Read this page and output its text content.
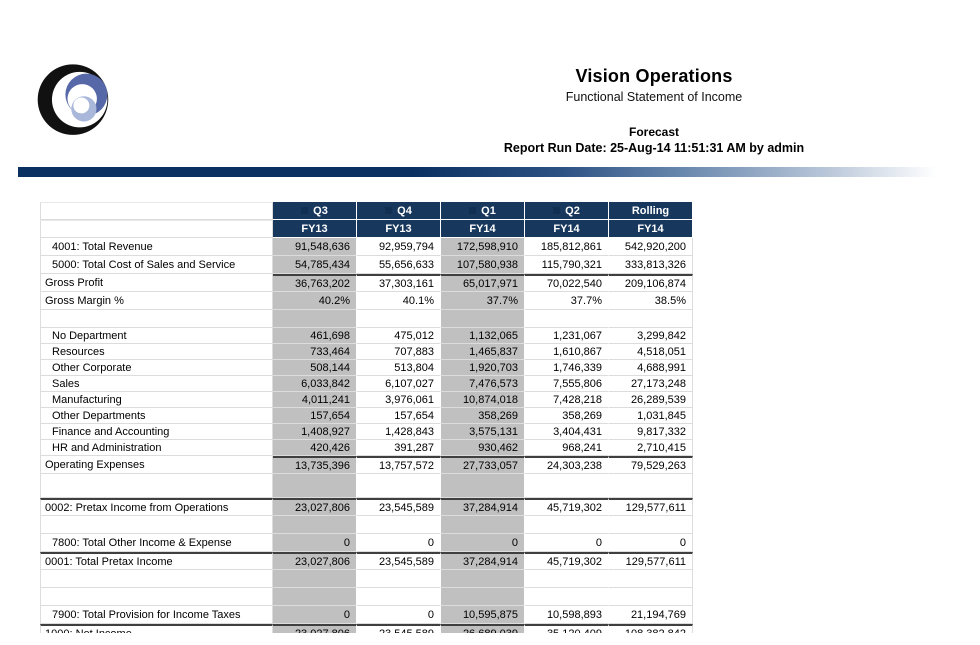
Vision Operations
Functional Statement of Income
Forecast
Report Run Date: 25-Aug-14 11:51:31 AM by admin
Q3	Q4	Q1	Q2	Rolling
FY13	FY13	FY14	FY14	FY14
4001: Total Revenue	91,548,636	92,959,794	172,598,910	185,812,861	542,920,200
5000: Total Cost of Sales and Service	54,785,434	55,656,633	107,580,938	115,790,321	333,813,326
Gross Profit	36,763,202	37,303,161	65,017,971	70,022,540	209,106,874
Gross Margin %	40.2%	40.1%	37.7%	37.7%	38.5%
No Department	461,698	475,012	1,132,065	1,231,067	3,299,842
Resources	733,464	707,883	1,465,837	1,610,867	4,518,051
Other Corporate	508,144	513,804	1,920,703	1,746,339	4,688,991
Sales	6,033,842	6,107,027	7,476,573	7,555,806	27,173,248
Manufacturing	4,011,241	3,976,061	10,874,018	7,428,218	26,289,539
Other Departments	157,654	157,654	358,269	358,269	1,031,845
Finance and Accounting	1,408,927	1,428,843	3,575,131	3,404,431	9,817,332
HR and Administration	420,426	391,287	930,462	968,241	2,710,415
Operating Expenses	13,735,396	13,757,572	27,733,057	24,303,238	79,529,263
0002: Pretax Income from Operations	23,027,806	23,545,589	37,284,914	45,719,302	129,577,611
7800: Total Other Income & Expense	0	0	0	0	0
0001: Total Pretax Income	23,027,806	23,545,589	37,284,914	45,719,302	129,577,611
7900: Total Provision for Income Taxes	0	0	10,595,875	10,598,893	21,194,769
